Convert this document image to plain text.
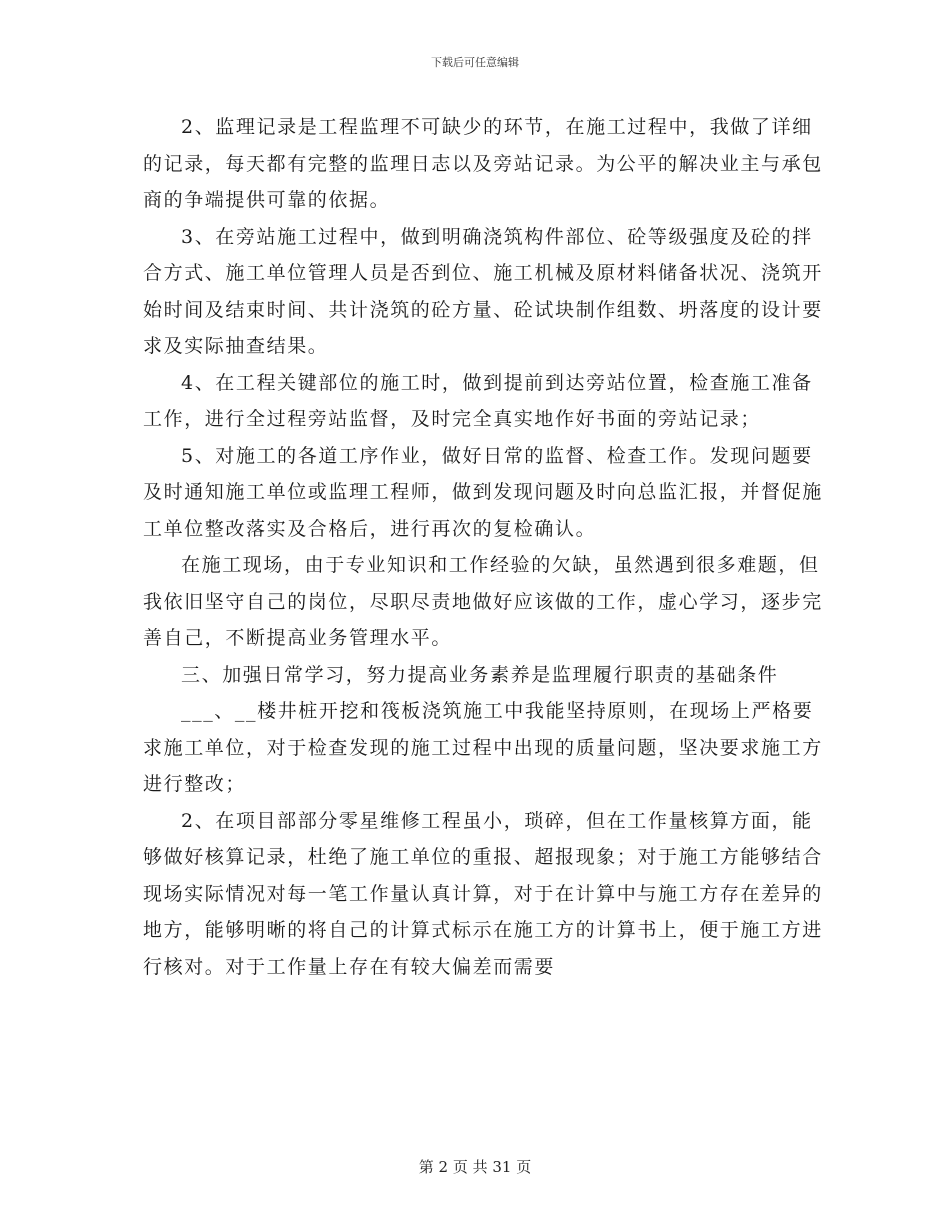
下载后可任意编辑

2、监理记录是工程监理不可缺少的环节，在施工过程中，我做了详细的记录，每天都有完整的监理日志以及旁站记录。为公平的解决业主与承包商的争端提供可靠的依据。

3、在旁站施工过程中，做到明确浇筑构件部位、砼等级强度及砼的拌合方式、施工单位管理人员是否到位、施工机械及原材料储备状况、浇筑开始时间及结束时间、共计浇筑的砼方量、砼试块制作组数、坍落度的设计要求及实际抽查结果。

4、在工程关键部位的施工时，做到提前到达旁站位置，检查施工准备工作，进行全过程旁站监督，及时完全真实地作好书面的旁站记录；

5、对施工的各道工序作业，做好日常的监督、检查工作。发现问题要及时通知施工单位或监理工程师，做到发现问题及时向总监汇报，并督促施工单位整改落实及合格后，进行再次的复检确认。

在施工现场，由于专业知识和工作经验的欠缺，虽然遇到很多难题，但我依旧坚守自己的岗位，尽职尽责地做好应该做的工作，虚心学习，逐步完善自己，不断提高业务管理水平。

三、加强日常学习，努力提高业务素养是监理履行职责的基础条件

___、__楼井桩开挖和筏板浇筑施工中我能坚持原则，在现场上严格要求施工单位，对于检查发现的施工过程中出现的质量问题，坚决要求施工方进行整改；

2、在项目部部分零星维修工程虽小，琐碎，但在工作量核算方面，能够做好核算记录，杜绝了施工单位的重报、超报现象；对于施工方能够结合现场实际情况对每一笔工作量认真计算，对于在计算中与施工方存在差异的地方，能够明晰的将自己的计算式标示在施工方的计算书上，便于施工方进行核对。对于工作量上存在有较大偏差而需要

第 2 页 共 31 页
